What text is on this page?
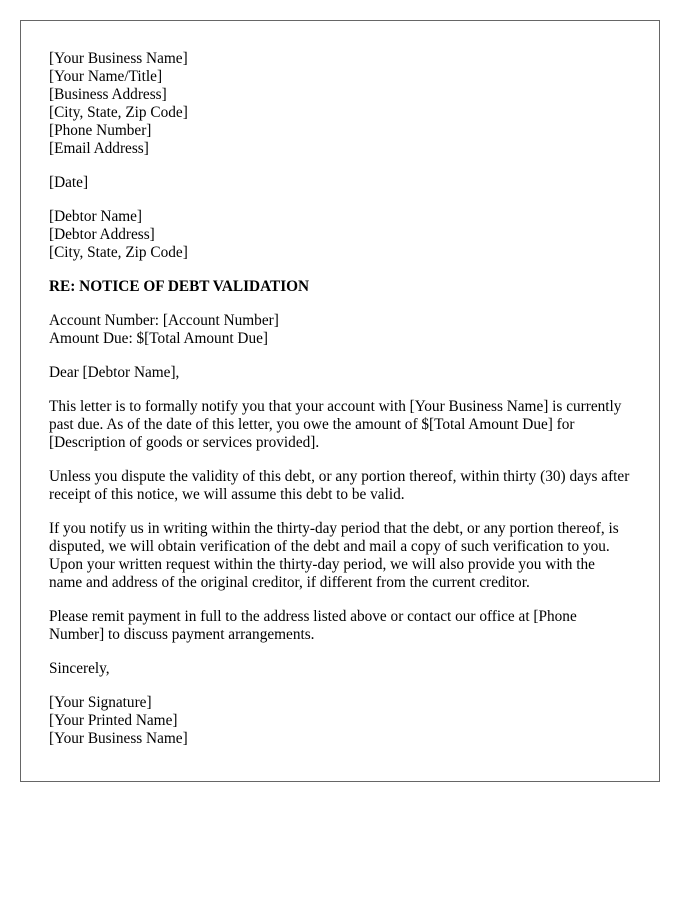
[Your Business Name]
[Your Name/Title]
[Business Address]
[City, State, Zip Code]
[Phone Number]
[Email Address]
[Date]
[Debtor Name]
[Debtor Address]
[City, State, Zip Code]
RE: NOTICE OF DEBT VALIDATION
Account Number: [Account Number]
Amount Due: $[Total Amount Due]

Dear [Debtor Name],

This letter is to formally notify you that your account with [Your Business Name] is currently past due. As of the date of this letter, you owe the amount of $[Total Amount Due] for [Description of goods or services provided].

Unless you dispute the validity of this debt, or any portion thereof, within thirty (30) days after receipt of this notice, we will assume this debt to be valid.

If you notify us in writing within the thirty-day period that the debt, or any portion thereof, is disputed, we will obtain verification of the debt and mail a copy of such verification to you. Upon your written request within the thirty-day period, we will also provide you with the name and address of the original creditor, if different from the current creditor.

Please remit payment in full to the address listed above or contact our office at [Phone Number] to discuss payment arrangements.

Sincerely,

[Your Signature]
[Your Printed Name]
[Your Business Name]
